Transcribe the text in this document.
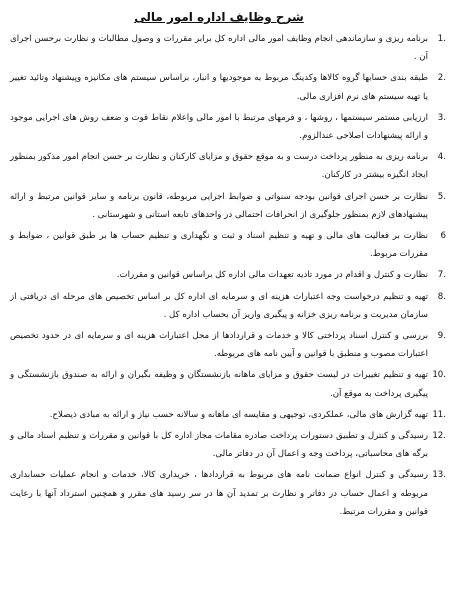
شرح وظایف اداره امور مالی
1.
برنامه ریزی و سازماندهی انجام وظایف امور مالی اداره کل برابر مقررات و وصول مطالبات و نظارت برحسن اجرای آن .
2.
طبقه بندی حسابها گروه کالاها وکدینگ مربوط به موجودیها و انبار، براساس سیستم های مکانیزه وپیشنهاد وتائید تغییر یا تهیه سیستم های نرم افزاری مالی.
3.
ارزیابی مستمر سیستمها ، روشها ، و فرمهای مرتبط با امور مالی واعلام نقاط قوت و ضعف روش های اجرایی موجود و ارائه پیشنهادات اصلاحی عندالزوم.
4.
برنامه ریزی به منظور پرداخت درست و به موقع حقوق و مزایای کارکنان و نظارت بر حسن انجام امور مذکور بمنظور ایجاد انگیزه بیشتر در کارکنان.
5.
نظارت بر حسن اجرای قوانین بودجه سنواتی و ضوابط اجرایی مربوطه، قانون برنامه و سایر قوانین مرتبط و ارائه پیشنهادهای لازم بمنظور جلوگیری از انحرافات احتمالی در واحدهای تابعه استانی و شهرستانی .
6
نظارت بر فعالیت های مالی و تهیه و تنظیم اسناد و ثبت و نگهداری و تنظیم حساب ها بر طبق قوانین ، ضوابط و مقررات مربوط.
7.
نظارت و کنترل و اقدام در مورد تادیه تعهدات مالی اداره کل براساس قوانین و مقررات.
8.
تهیه و تنظیم درخواست وجه اعتبارات هزینه ای و سرمایه ای اداره کل بر اساس تخصیص های مرحله ای دریافتی از سازمان مدیریت و برنامه ریزی خزانه و پیگیری واریز آن بحساب اداره کل .
9.
بررسی و کنترل اسناد پرداختی کالا و خدمات و قراردادها از محل اعتبارات هزینه ای و سرمایه ای در حدود تخصیص اعتبارات مصوب و منطبق با قوانین و آیین نامه های مربوطه.
10.
تهیه و تنظیم تغییرات در لیست حقوق و مزایای ماهانه بازنشستگان و وظیفه بگیران و ارائه به صندوق بازنشستگی و پیگیری پرداخت به موقع آن.
11.
تهیه گزارش های مالی، عملکردی، توجیهی و مقایسه ای ماهانه و سالانه حسب نیاز و ارائه به مبادی ذیصلاح.
12.
رسیدگی و کنترل و تطبیق دستورات پرداخت صادره مقامات مجاز اداره کل با قوانین و مقررات و تنظیم اسناد مالی و برگه های محاسباتی، پرداخت وجه و اعمال آن در دفاتر مالی.
13.
رسیدگی و کنترل انواع ضمانت نامه های مربوط به قراردادها ، خریداری کالا، خدمات و انجام عملیات حسابداری مربوطه و اعمال حساب در دفاتر و نظارت بر تمدید آن ها در سر رسید های مقرر و همچنین استرداد آنها با رعایت قوانین و مقررات مرتبط.
